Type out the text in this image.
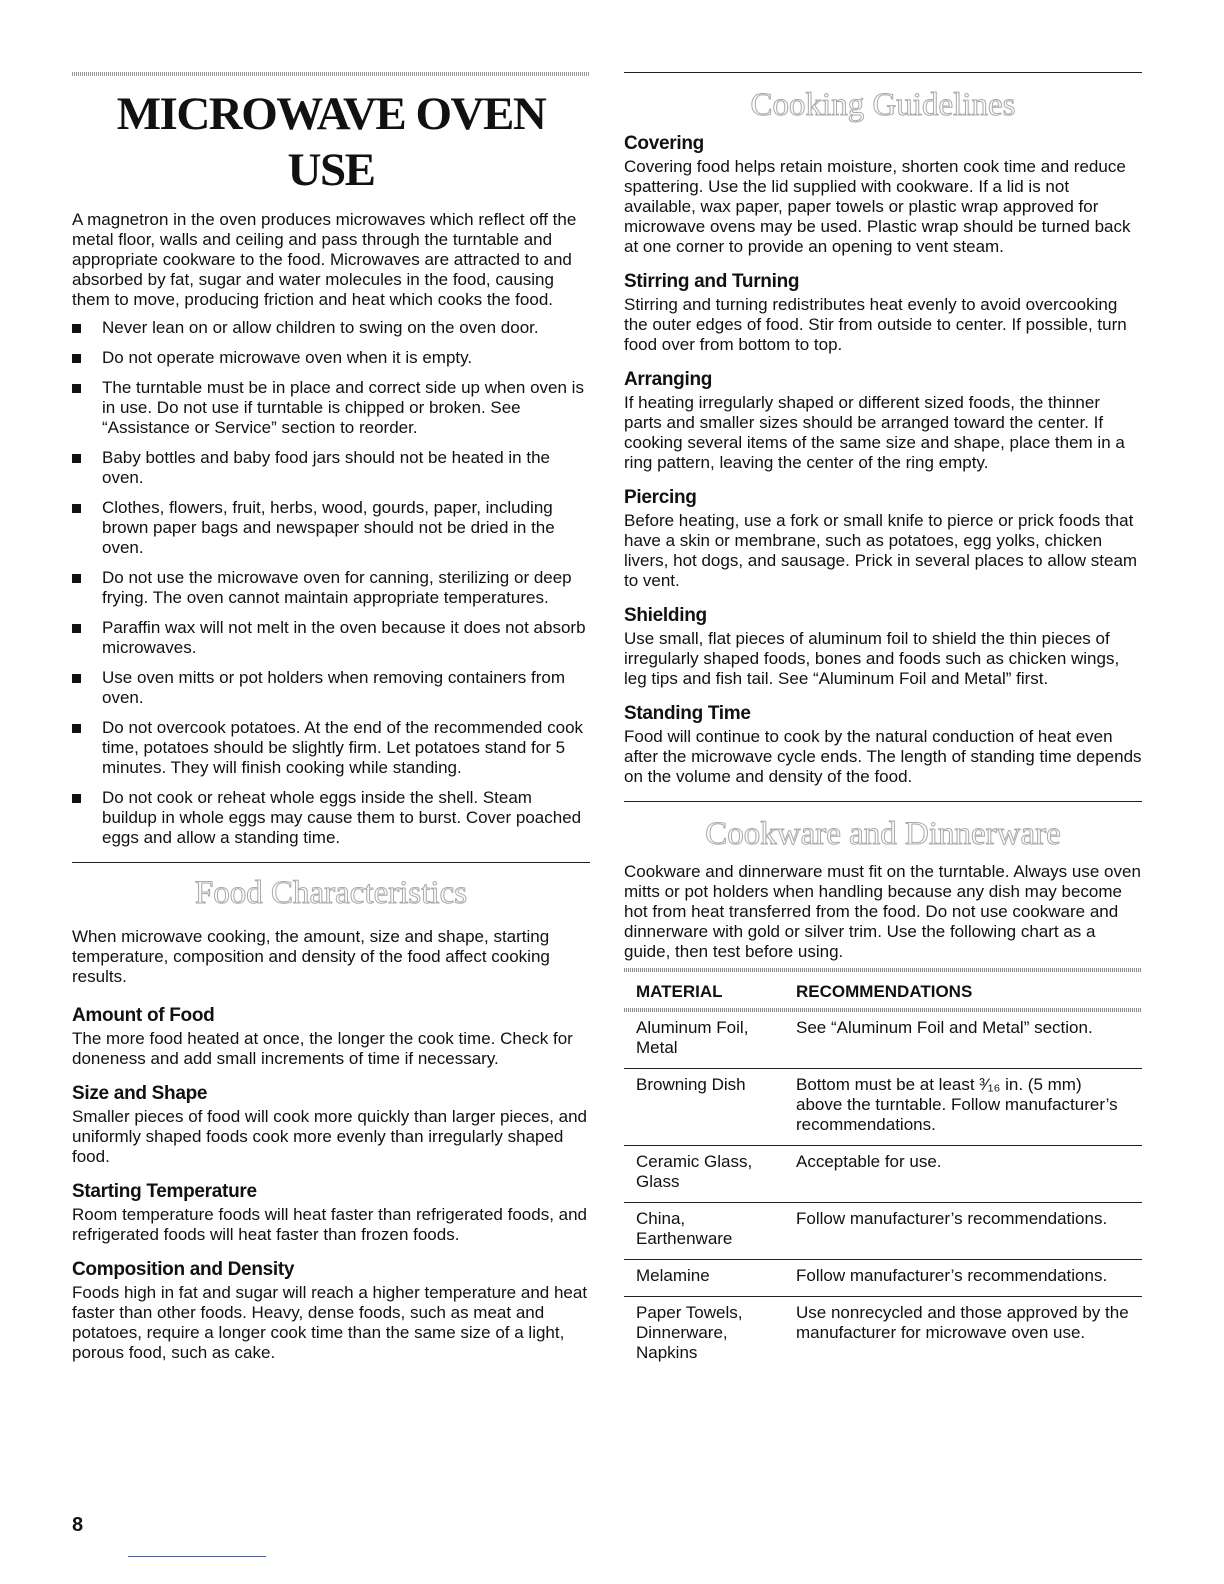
MICROWAVE OVEN USE

A magnetron in the oven produces microwaves which reflect off the metal floor, walls and ceiling and pass through the turntable and appropriate cookware to the food. Microwaves are attracted to and absorbed by fat, sugar and water molecules in the food, causing them to move, producing friction and heat which cooks the food.

Never lean on or allow children to swing on the oven door.
Do not operate microwave oven when it is empty.
The turntable must be in place and correct side up when oven is in use. Do not use if turntable is chipped or broken. See “Assistance or Service” section to reorder.
Baby bottles and baby food jars should not be heated in the oven.
Clothes, flowers, fruit, herbs, wood, gourds, paper, including brown paper bags and newspaper should not be dried in the oven.
Do not use the microwave oven for canning, sterilizing or deep frying. The oven cannot maintain appropriate temperatures.
Paraffin wax will not melt in the oven because it does not absorb microwaves.
Use oven mitts or pot holders when removing containers from oven.
Do not overcook potatoes. At the end of the recommended cook time, potatoes should be slightly firm. Let potatoes stand for 5 minutes. They will finish cooking while standing.
Do not cook or reheat whole eggs inside the shell. Steam buildup in whole eggs may cause them to burst. Cover poached eggs and allow a standing time.
Food Characteristics

When microwave cooking, the amount, size and shape, starting temperature, composition and density of the food affect cooking results.

Amount of Food

The more food heated at once, the longer the cook time. Check for doneness and add small increments of time if necessary.

Size and Shape

Smaller pieces of food will cook more quickly than larger pieces, and uniformly shaped foods cook more evenly than irregularly shaped food.

Starting Temperature

Room temperature foods will heat faster than refrigerated foods, and refrigerated foods will heat faster than frozen foods.

Composition and Density

Foods high in fat and sugar will reach a higher temperature and heat faster than other foods. Heavy, dense foods, such as meat and potatoes, require a longer cook time than the same size of a light, porous food, such as cake.

Cooking Guidelines
Covering

Covering food helps retain moisture, shorten cook time and reduce spattering. Use the lid supplied with cookware. If a lid is not available, wax paper, paper towels or plastic wrap approved for microwave ovens may be used. Plastic wrap should be turned back at one corner to provide an opening to vent steam.

Stirring and Turning

Stirring and turning redistributes heat evenly to avoid overcooking the outer edges of food. Stir from outside to center. If possible, turn food over from bottom to top.

Arranging

If heating irregularly shaped or different sized foods, the thinner parts and smaller sizes should be arranged toward the center. If cooking several items of the same size and shape, place them in a ring pattern, leaving the center of the ring empty.

Piercing

Before heating, use a fork or small knife to pierce or prick foods that have a skin or membrane, such as potatoes, egg yolks, chicken livers, hot dogs, and sausage. Prick in several places to allow steam to vent.

Shielding

Use small, flat pieces of aluminum foil to shield the thin pieces of irregularly shaped foods, bones and foods such as chicken wings, leg tips and fish tail. See “Aluminum Foil and Metal” first.

Standing Time

Food will continue to cook by the natural conduction of heat even after the microwave cycle ends. The length of standing time depends on the volume and density of the food.

Cookware and Dinnerware

Cookware and dinnerware must fit on the turntable. Always use oven mitts or pot holders when handling because any dish may become hot from heat transferred from the food. Do not use cookware and dinnerware with gold or silver trim. Use the following chart as a guide, then test before using.

MATERIAL	RECOMMENDATIONS

Aluminum Foil, Metal	See “Aluminum Foil and Metal” section.
Browning Dish	Bottom must be at least ³⁄₁₆ in. (5 mm) above the turntable. Follow manufacturer’s recommendations.
Ceramic Glass, Glass	Acceptable for use.
China, Earthenware	Follow manufacturer’s recommendations.
Melamine	Follow manufacturer’s recommendations.
Paper Towels, Dinnerware, Napkins	Use nonrecycled and those approved by the manufacturer for microwave oven use.
8
